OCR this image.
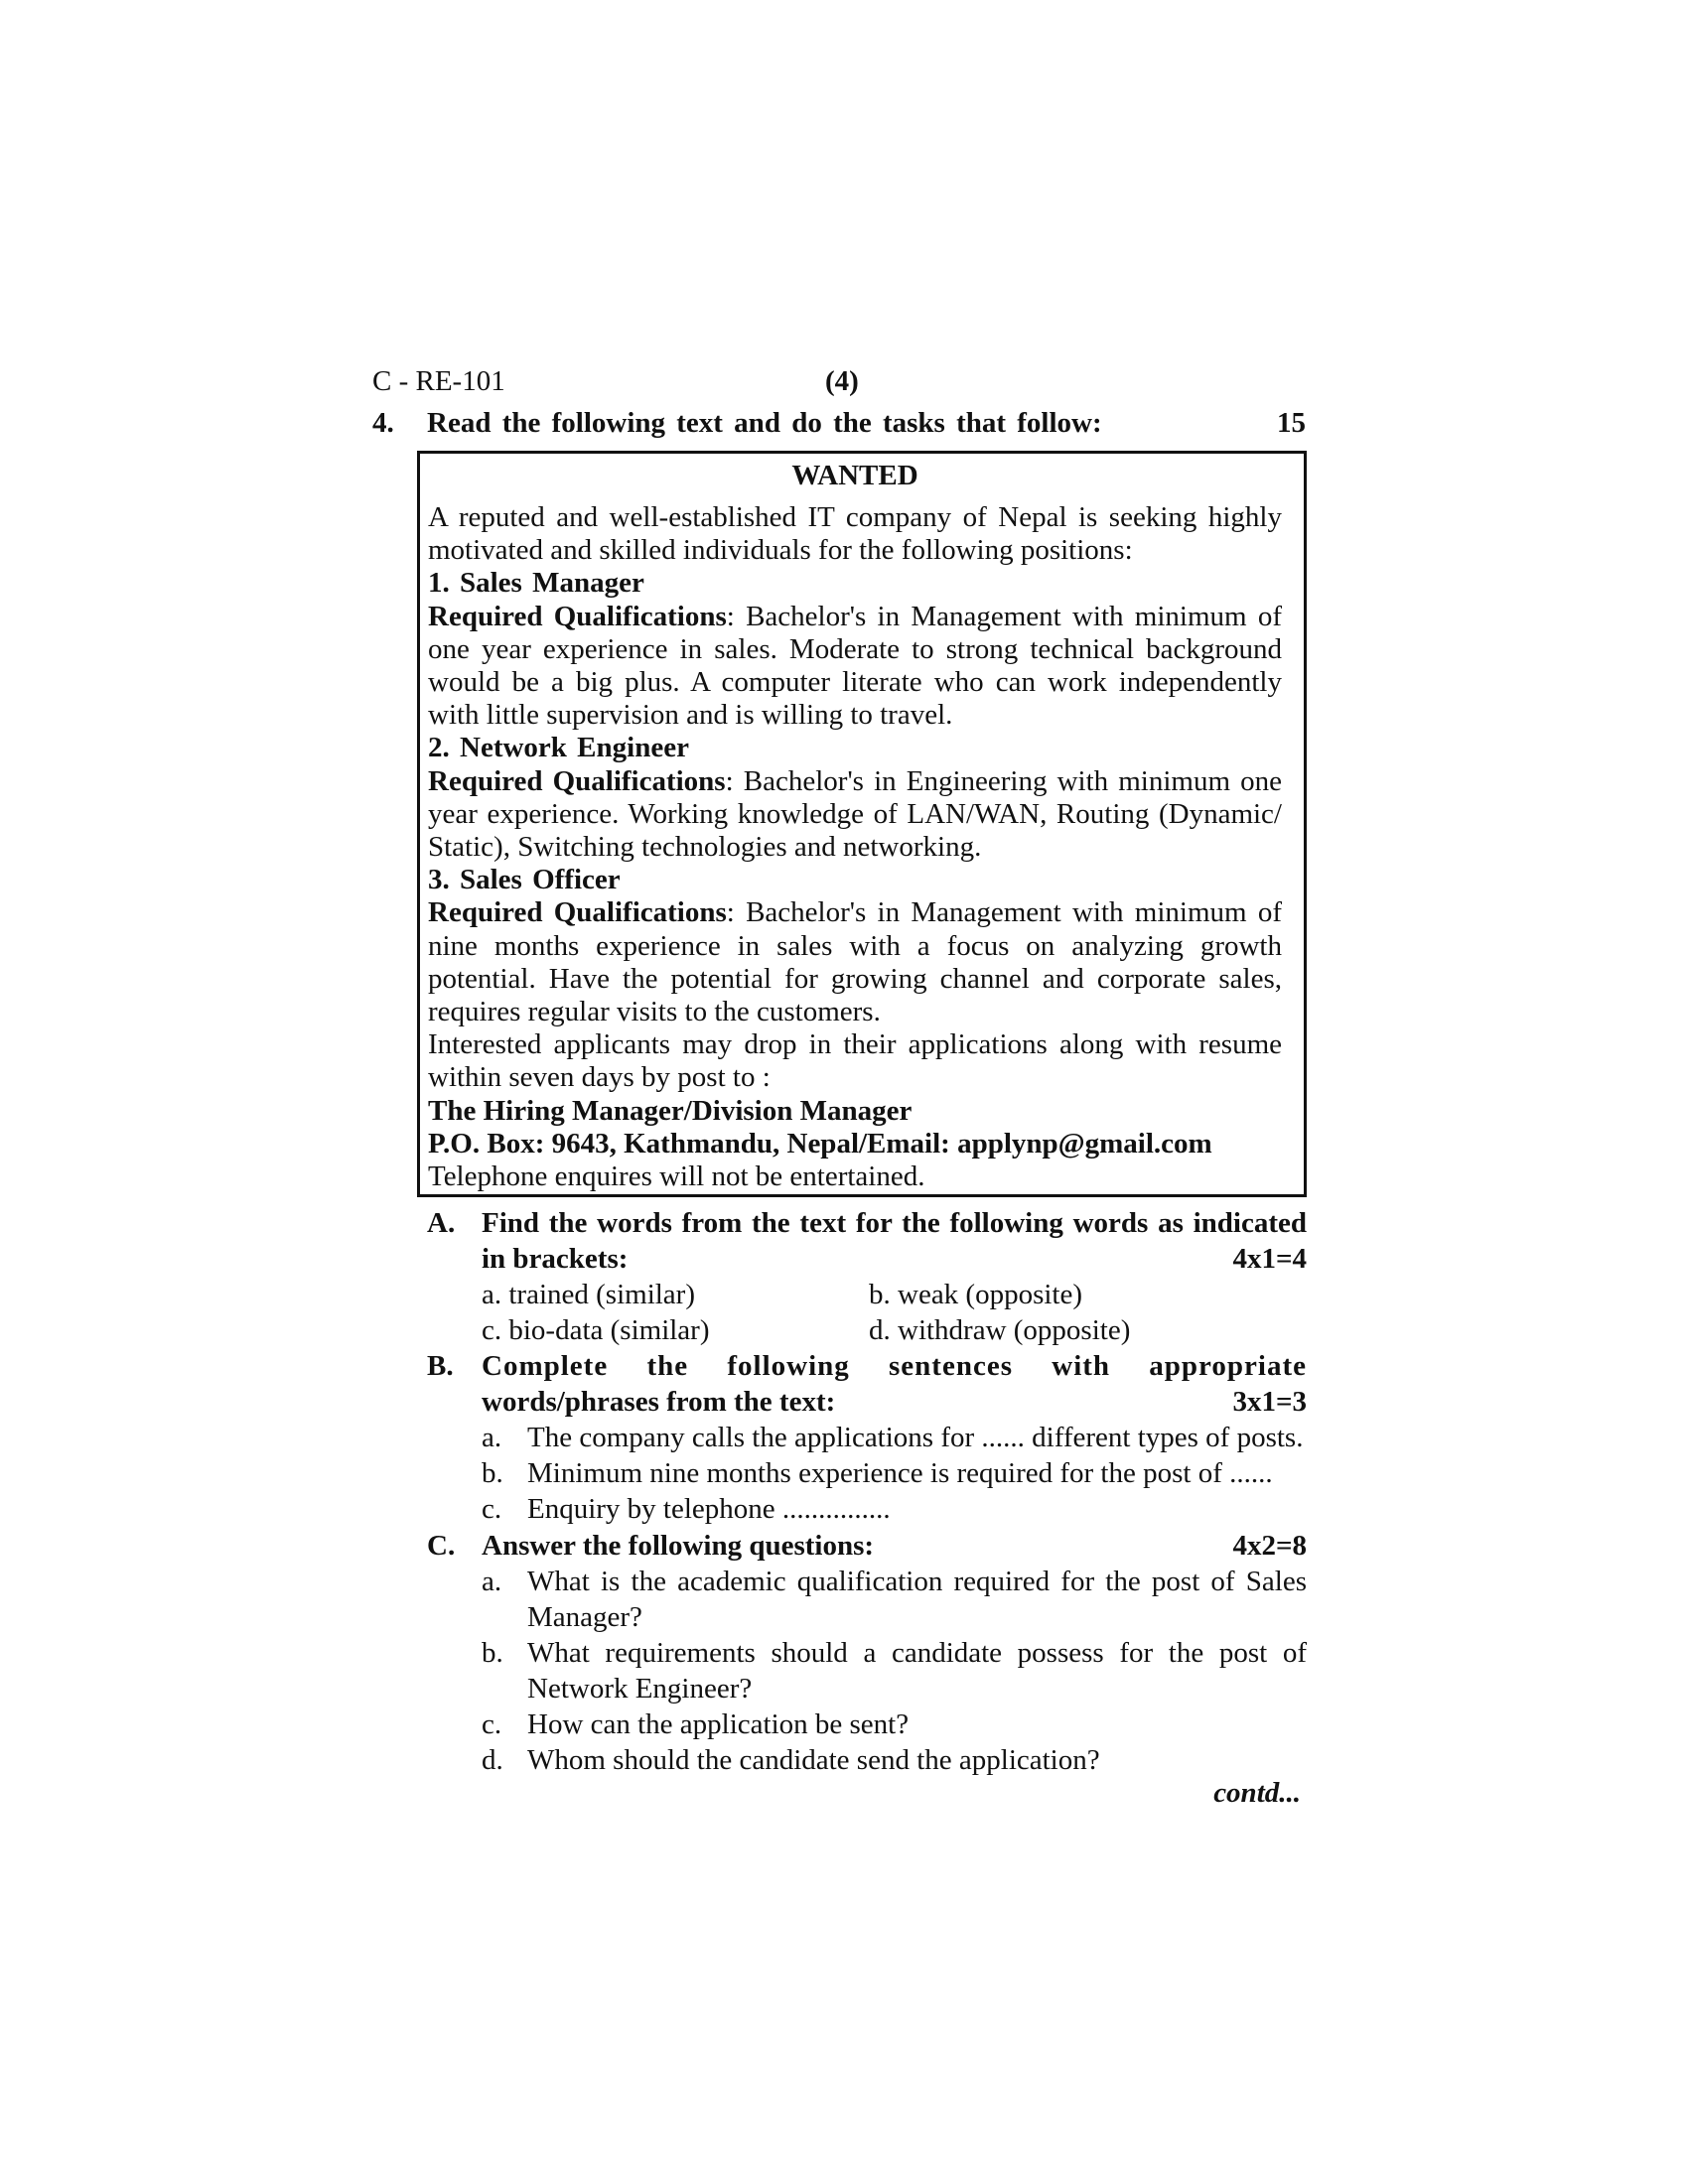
C - RE-101	(4)
4. Read the following text and do the tasks that follow:	15
WANTED

A reputed and well-established IT company of Nepal is seeking highly motivated and skilled individuals for the following positions:

1. Sales Manager

Required Qualifications: Bachelor's in Management with minimum of one year experience in sales. Moderate to strong technical background would be a big plus. A computer literate who can work independently with little supervision and is willing to travel.

2. Network Engineer

Required Qualifications: Bachelor's in Engineering with minimum one year experience. Working knowledge of LAN/WAN, Routing (Dynamic/ Static), Switching technologies and networking.

3. Sales Officer

Required Qualifications: Bachelor's in Management with minimum of nine months experience in sales with a focus on analyzing growth potential. Have the potential for growing channel and corporate sales, requires regular visits to the customers.

Interested applicants may drop in their applications along with resume within seven days by post to :

The Hiring Manager/Division Manager
P.O. Box: 9643, Kathmandu, Nepal/Email: applynp@gmail.com
Telephone enquires will not be entertained.
A. Find the words from the text for the following words as indicated in brackets:	4x1=4
a. trained (similar)	b. weak (opposite)
c. bio-data (similar)	d. withdraw (opposite)
B. Complete the following sentences with appropriate
words/phrases from the text:	3x1=3
a. The company calls the applications for ...... different types of posts.
b. Minimum nine months experience is required for the post of ......
c. Enquiry by telephone ...............
C. Answer the following questions:	4x2=8
a. What is the academic qualification required for the post of Sales Manager?
b. What requirements should a candidate possess for the post of Network Engineer?
c. How can the application be sent?
d. Whom should the candidate send the application?
contd...
